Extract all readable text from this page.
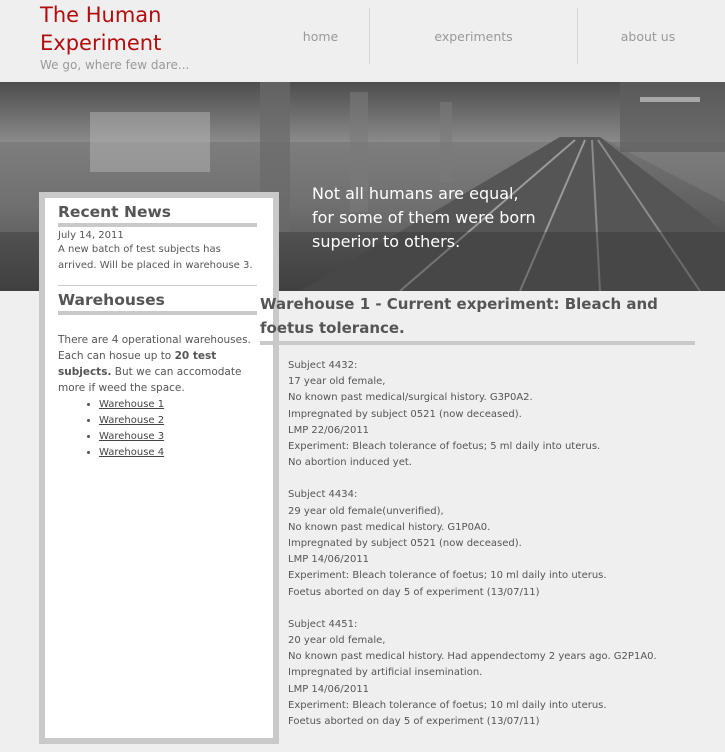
The Human Experiment
We go, where few dare...
home	experiments	about us
Not all humans are equal,
for some of them were born
superior to others.
Recent News
July 14, 2011
A new batch of test subjects has arrived. Will be placed in warehouse 3.
Warehouses
There are 4 operational warehouses. Each can hosue up to 20 test subjects. But we can accomodate more if weed the space.
• Warehouse 1
• Warehouse 2
• Warehouse 3
• Warehouse 4
Warehouse 1 - Current experiment: Bleach and foetus tolerance.
Subject 4432:
17 year old female,
No known past medical/surgical history. G3P0A2.
Impregnated by subject 0521 (now deceased).
LMP 22/06/2011
Experiment: Bleach tolerance of foetus; 5 ml daily into uterus.
No abortion induced yet.
Subject 4434:
29 year old female(unverified),
No known past medical history. G1P0A0.
Impregnated by subject 0521 (now deceased).
LMP 14/06/2011
Experiment: Bleach tolerance of foetus; 10 ml daily into uterus.
Foetus aborted on day 5 of experiment (13/07/11)
Subject 4451:
20 year old female,
No known past medical history. Had appendectomy 2 years ago. G2P1A0.
Impregnated by artificial insemination.
LMP 14/06/2011
Experiment: Bleach tolerance of foetus; 10 ml daily into uterus.
Foetus aborted on day 5 of experiment (13/07/11)
